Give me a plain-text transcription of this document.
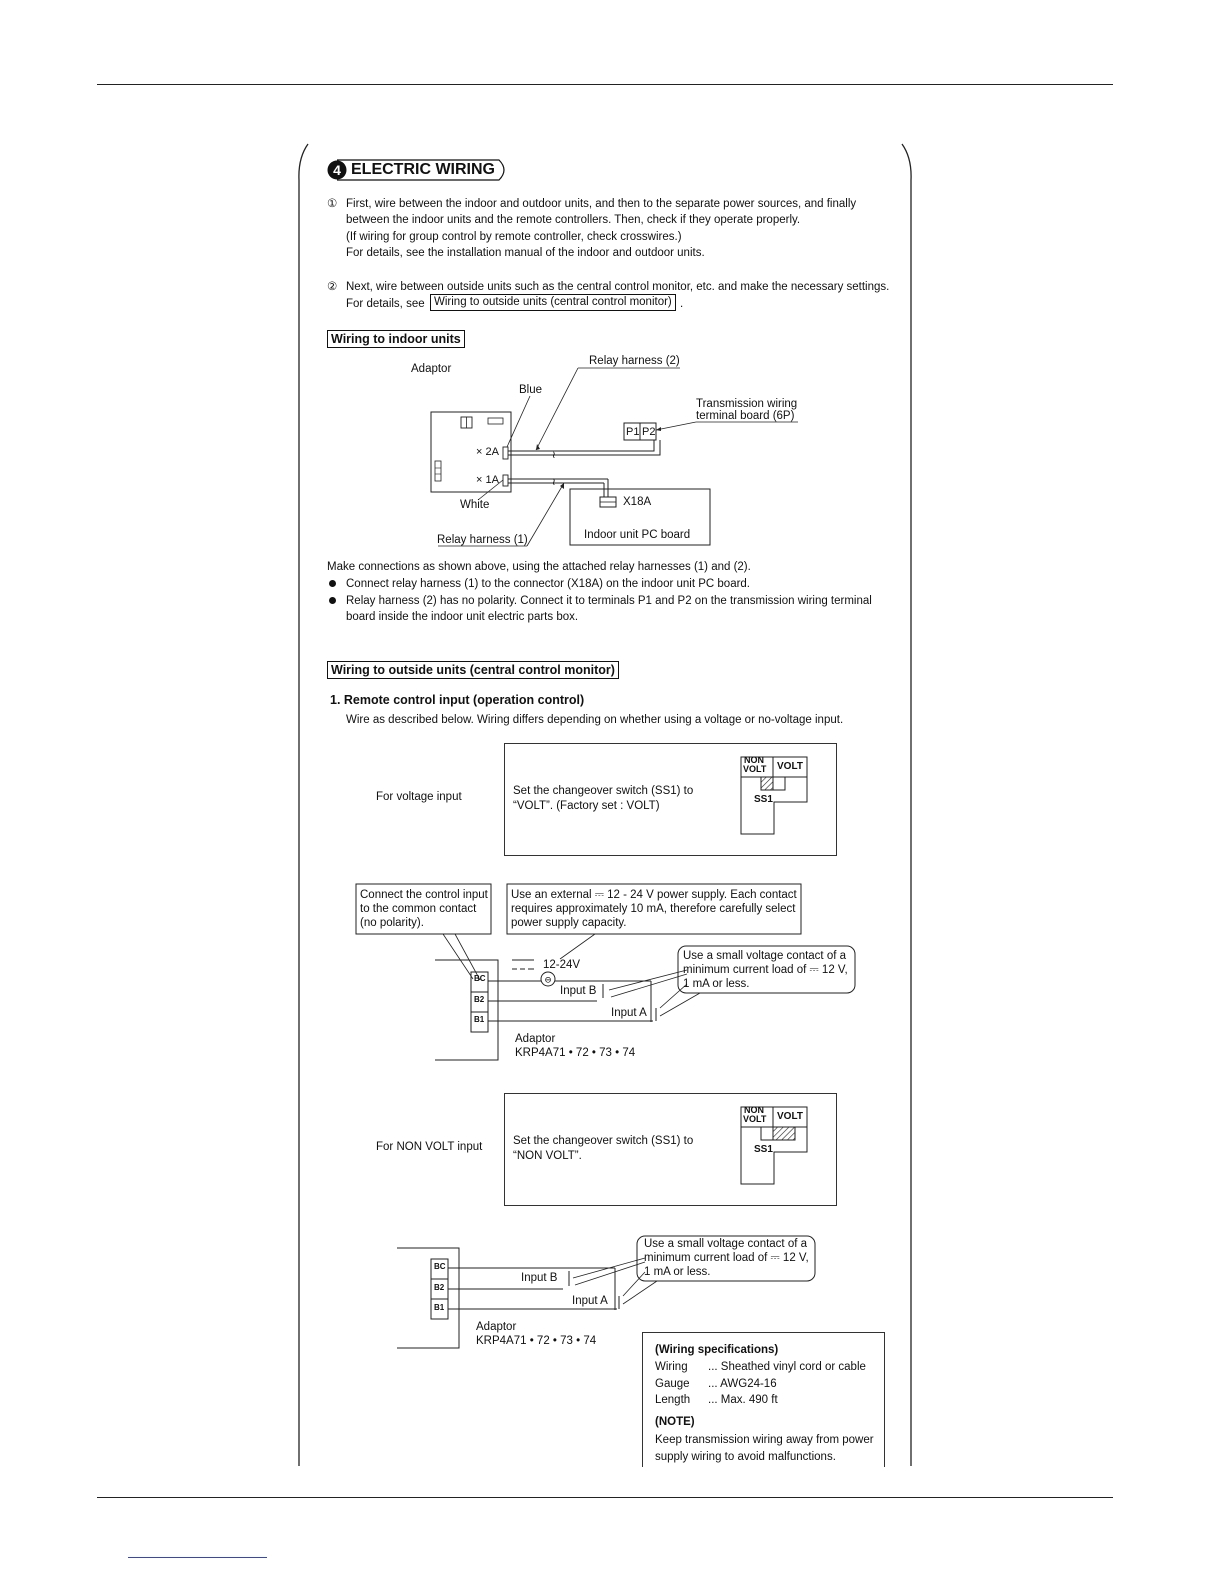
4 ELECTRIC WIRING
① First, wire between the indoor and outdoor units, and then to the separate power sources, and finally
between the indoor units and the remote controllers. Then, check if they operate properly.
(If wiring for group control by remote controller, check crosswires.)
For details, see the installation manual of the indoor and outdoor units.
② Next, wire between outside units such as the central control monitor, etc. and make the necessary settings.
For details, see Wiring to outside units (central control monitor) .
Wiring to indoor units
≀
≀
Adaptor
Blue
Relay harness (2)
Transmission wiring
terminal board (6P)
P1 P2
× 2A
× 1A
White	X18A
Indoor unit PC board
Relay harness (1)
Make connections as shown above, using the attached relay harnesses (1) and (2).
Connect relay harness (1) to the connector (X18A) on the indoor unit PC board.
Relay harness (2) has no polarity. Connect it to terminals P1 and P2 on the transmission wiring terminal
board inside the indoor unit electric parts box.
Wiring to outside units (central control monitor)
1. Remote control input (operation control)
Wire as described below. Wiring differs depending on whether using a voltage or no-voltage input.
For voltage input	Set the changeover switch (SS1) to
“VOLT”. (Factory set : VOLT)
NON
VOLT VOLT
SS1
⊖
Connect the control input
to the common contact
(no polarity).
Use an external ⎓ 12 - 24 V power supply. Each contact
requires approximately 10 mA, therefore carefully select
power supply capacity.
Use a small voltage contact of a
minimum current load of ⎓ 12 V,
1 mA or less.
12-24V
BC
B2
B1
Input B
Input A
Adaptor
KRP4A71 • 72 • 73 • 74
For NON VOLT input	Set the changeover switch (SS1) to
“NON VOLT”.
NON
VOLT VOLT
SS1
Use a small voltage contact of a
minimum current load of ⎓ 12 V,
1 mA or less.
BC
B2
B1
Input B
Input A
Adaptor
KRP4A71 • 72 • 73 • 74
(Wiring specifications)
Wiring ... Sheathed vinyl cord or cable
Gauge ... AWG24-16
Length ... Max. 490 ft
(NOTE)
Keep transmission wiring away from power
supply wiring to avoid malfunctions.
